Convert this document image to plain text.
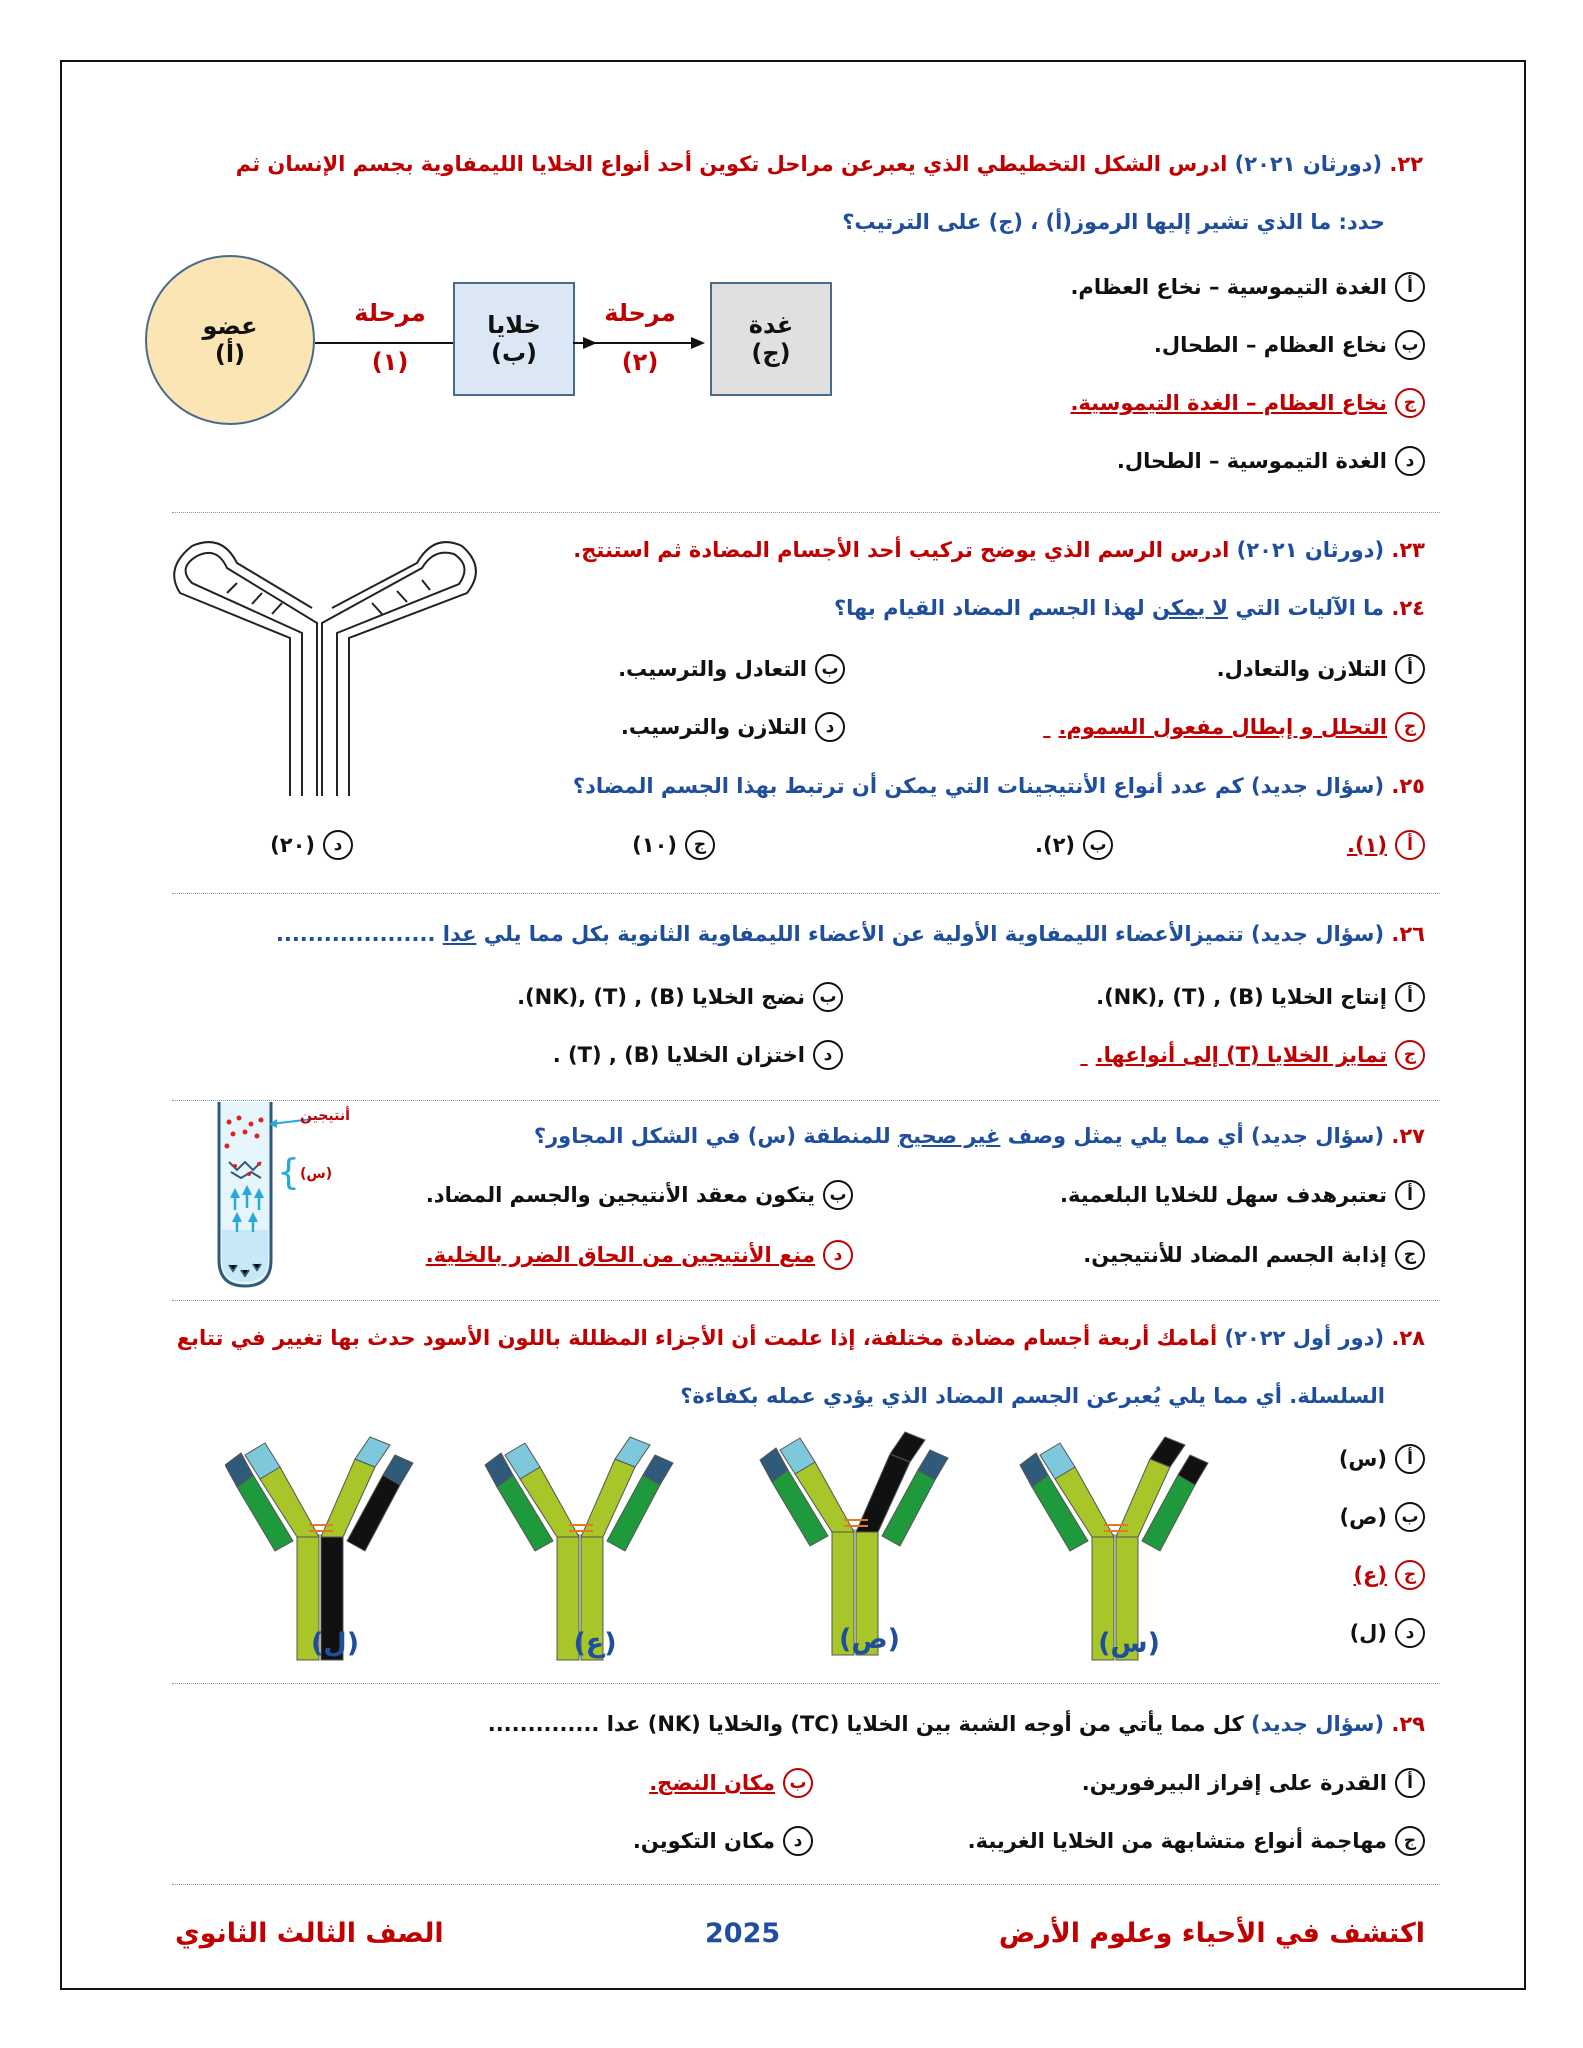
٢٢. (دورثان ٢٠٢١) ادرس الشكل التخطيطي الذي يعبرعن مراحل تكوين أحد أنواع الخلايا الليمفاوية بجسم الإنسان ثم
حدد: ما الذي تشير إليها الرموز(أ) ، (ج) على الترتيب؟
أ
الغدة التيموسية – نخاع العظام.
ب
نخاع العظام – الطحال.
ج
نخاع العظام – الغدة التيموسية.
د
الغدة التيموسية – الطحال.
عضو
(أ)
مرحلة
(١)
خلايا
(ب)
مرحلة
(٢)
غدة
(ج)
٢٣. (دورثان ٢٠٢١) ادرس الرسم الذي يوضح تركيب أحد الأجسام المضادة ثم استنتج.
٢٤. ما الآليات التي لا يمكن لهذا الجسم المضاد القيام بها؟
أ
التلازن والتعادل.
ب
التعادل والترسيب.
ج
التحلل و إبطال مفعول السموم.

د
التلازن والترسيب.
٢٥. (سؤال جديد) كم عدد أنواع الأنتيجينات التي يمكن أن ترتبط بهذا الجسم المضاد؟
أ
(١).
ب
(٢).
ج
(١٠)
د
(٢٠)
٢٦. (سؤال جديد) تتميزالأعضاء الليمفاوية الأولية عن الأعضاء الليمفاوية الثانوية بكل مما يلي عدا ....................
أ
إنتاج الخلايا (B) , (T) ,(NK).
ب
نضج الخلايا (B) , (T) ,(NK).
ج
تمايز الخلايا (T) إلى أنواعها.

د
اختزان الخلايا (B) , (T) .
٢٧. (سؤال جديد) أي مما يلي يمثل وصف غير صحيح للمنطقة (س) في الشكل المجاور؟
أ
تعتبرهدف سهل للخلايا البلعمية.
ب
يتكون معقد الأنتيجين والجسم المضاد.
ج
إذابة الجسم المضاد للأنتيجين.
د
منع الأنتيجين من الحاق الضرر بالخلية.
أنتيجين
} (س)
٢٨. (دور أول ٢٠٢٢) أمامك أربعة أجسام مضادة مختلفة، إذا علمت أن الأجزاء المظللة باللون الأسود حدث بها تغيير في تتابع
السلسلة. أي مما يلي يُعبرعن الجسم المضاد الذي يؤدي عمله بكفاءة؟
أ
(س)
ب
(ص)
ج
(ع)
د
(ل)
(ل)	(ع)	(ص)	(س)
٢٩. (سؤال جديد) كل مما يأتي من أوجه الشبة بين الخلايا (TC) والخلايا (NK) عدا ..............
أ
القدرة على إفراز البيرفورين.
ب
مكان النضج.
ج
مهاجمة أنواع متشابهة من الخلايا الغريبة.
د
مكان التكوين.
اكتشف في الأحياء وعلوم الأرض
2025
الصف الثالث الثانوي
